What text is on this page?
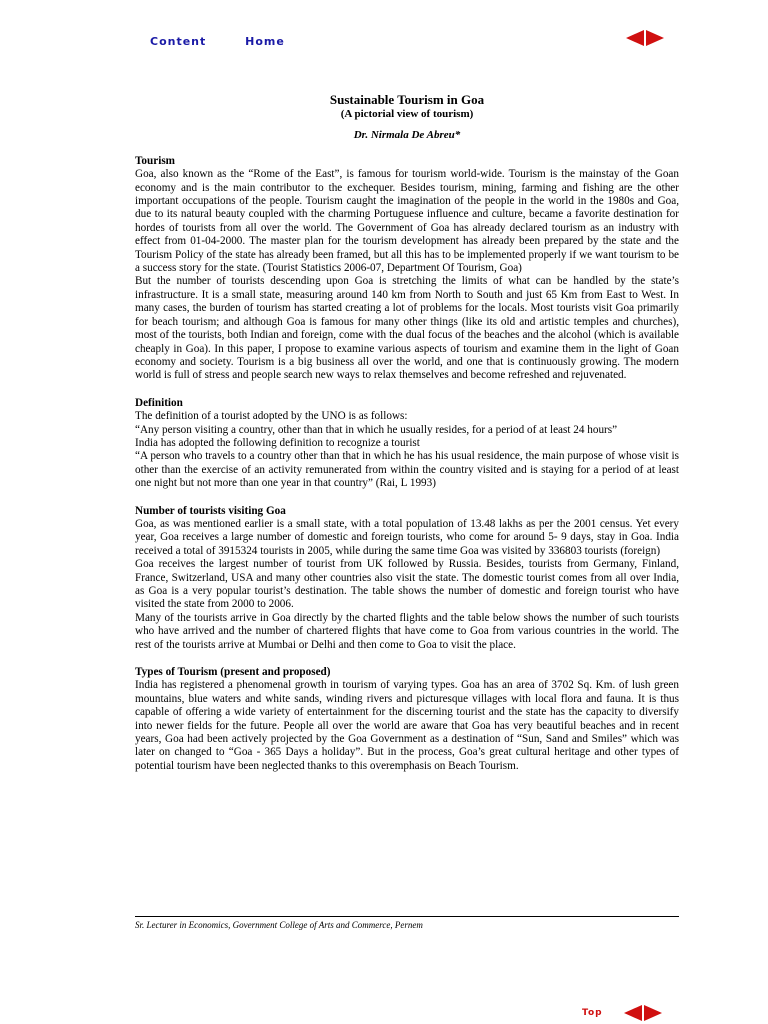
Content	Home

Sustainable Tourism in Goa

(A pictorial view of tourism)

Dr. Nirmala De Abreu*

Tourism

Goa, also known as the “Rome of the East”, is famous for tourism world-wide. Tourism is the mainstay of the Goan economy and is the main contributor to the exchequer. Besides tourism, mining, farming and fishing are the other important occupations of the people. Tourism caught the imagination of the people in the world in the 1980s and Goa, due to its natural beauty coupled with the charming Portuguese influence and culture, became a favorite destination for hordes of tourists from all over the world. The Government of Goa has already declared tourism as an industry with effect from 01-04-2000. The master plan for the tourism development has already been prepared by the state and the Tourism Policy of the state has already been framed, but all this has to be implemented properly if we want tourism to be a success story for the state. (Tourist Statistics 2006-07, Department Of Tourism, Goa)

But the number of tourists descending upon Goa is stretching the limits of what can be handled by the state’s infrastructure. It is a small state, measuring around 140 km from North to South and just 65 Km from East to West. In many cases, the burden of tourism has started creating a lot of problems for the locals. Most tourists visit Goa primarily for beach tourism; and although Goa is famous for many other things (like its old and artistic temples and churches), most of the tourists, both Indian and foreign, come with the dual focus of the beaches and the alcohol (which is available cheaply in Goa). In this paper, I propose to examine various aspects of tourism and examine them in the light of Goan economy and society. Tourism is a big business all over the world, and one that is continuously growing. The modern world is full of stress and people search new ways to relax themselves and become refreshed and rejuvenated.

Definition

The definition of a tourist adopted by the UNO is as follows:

“Any person visiting a country, other than that in which he usually resides, for a period of at least 24 hours”

India has adopted the following definition to recognize a tourist

“A person who travels to a country other than that in which he has his usual residence, the main purpose of whose visit is other than the exercise of an activity remunerated from within the country visited and is staying for a period of at least one night but not more than one year in that country” (Rai, L 1993)

Number of tourists visiting Goa

Goa, as was mentioned earlier is a small state, with a total population of 13.48 lakhs as per the 2001 census. Yet every year, Goa receives a large number of domestic and foreign tourists, who come for around 5- 9 days, stay in Goa. India received a total of 3915324 tourists in 2005, while during the same time Goa was visited by 336803 tourists (foreign)

Goa receives the largest number of tourist from UK followed by Russia. Besides, tourists from Germany, Finland, France, Switzerland, USA and many other countries also visit the state. The domestic tourist comes from all over India, as Goa is a very popular tourist’s destination. The table shows the number of domestic and foreign tourist who have visited the state from 2000 to 2006.

Many of the tourists arrive in Goa directly by the charted flights and the table below shows the number of such tourists who have arrived and the number of chartered flights that have come to Goa from various countries in the world. The rest of the tourists arrive at Mumbai or Delhi and then come to Goa to visit the place.

Types of Tourism (present and proposed)

India has registered a phenomenal growth in tourism of varying types. Goa has an area of 3702 Sq. Km. of lush green mountains, blue waters and white sands, winding rivers and picturesque villages with local flora and fauna. It is thus capable of offering a wide variety of entertainment for the discerning tourist and the state has the capacity to diversify into newer fields for the future. People all over the world are aware that Goa has very beautiful beaches and in recent years, Goa had been actively projected by the Goa Government as a destination of “Sun, Sand and Smiles” which was later on changed to “Goa - 365 Days a holiday”. But in the process, Goa’s great cultural heritage and other types of potential tourism have been neglected thanks to this overemphasis on Beach Tourism.

Sr. Lecturer in Economics, Government College of Arts and Commerce, Pernem
Top
